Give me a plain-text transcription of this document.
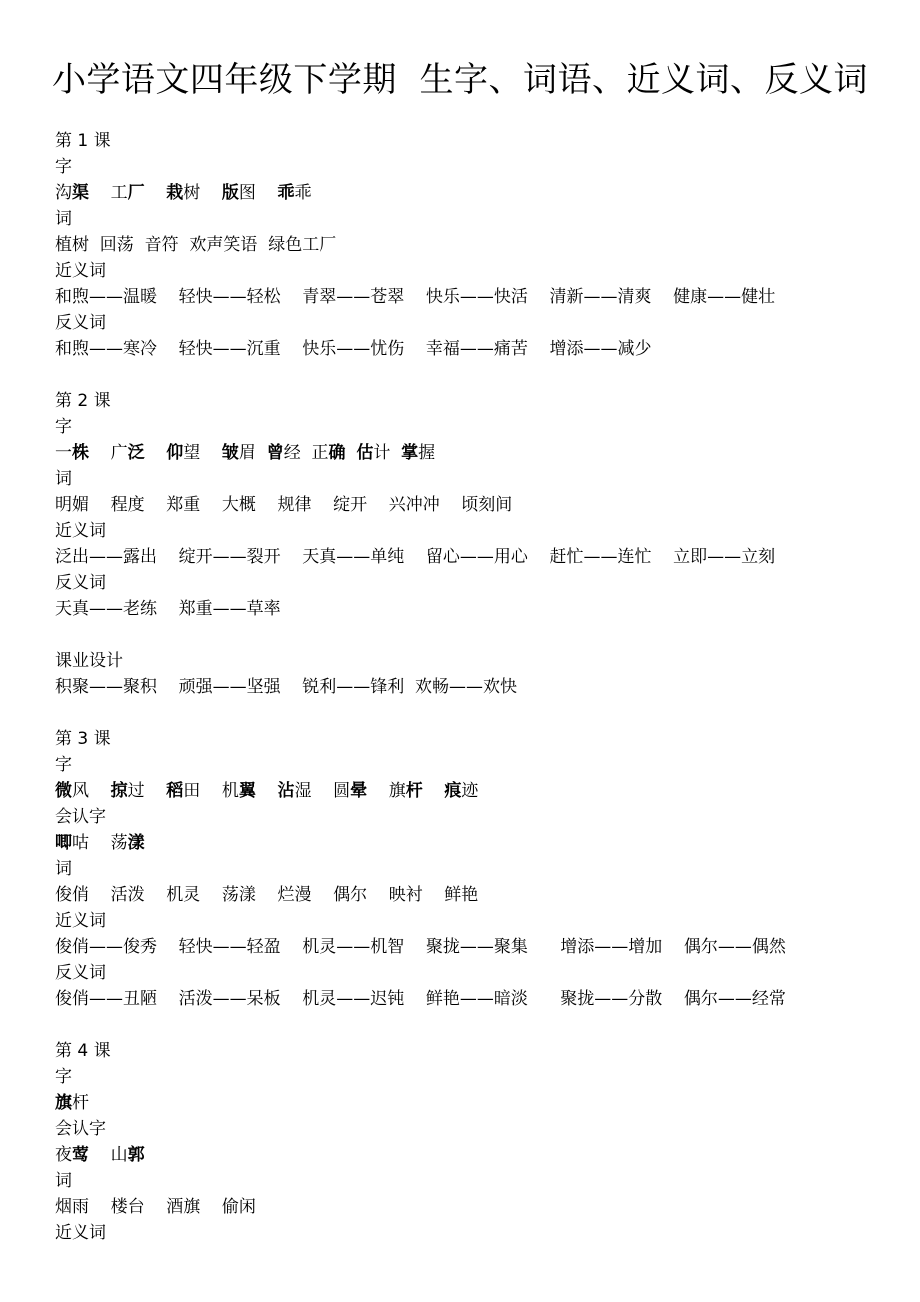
小学语文四年级下学期  生字、词语、近义词、反义词
第 1 课
字
沟渠    工厂 栽树    版图    乖乖
词
植树  回荡  音符  欢声笑语  绿色工厂
近义词
和煦——温暖    轻快——轻松    青翠——苍翠    快乐——快活    清新——清爽    健康——健壮
反义词
和煦——寒冷    轻快——沉重    快乐——忧伤    幸福——痛苦    增添——减少
第 2 课
字
一株    广泛 仰望    皱眉  曾经  正确 估计  掌握
词
明媚    程度    郑重    大概    规律    绽开    兴冲冲    顷刻间
近义词
泛出——露出    绽开——裂开    天真——单纯    留心——用心    赶忙——连忙    立即——立刻
反义词
天真——老练    郑重——草率
课业设计
积聚——聚积    顽强——坚强    锐利——锋利  欢畅——欢快
第 3 课
字
微风    掠过    稻田    机翼 沾湿    圆晕    旗杆 痕迹
会认字
唧咕    荡漾
词
俊俏    活泼    机灵    荡漾    烂漫    偶尔    映衬    鲜艳
近义词
俊俏——俊秀    轻快——轻盈    机灵——机智    聚拢——聚集      增添——增加    偶尔——偶然
反义词
俊俏——丑陋    活泼——呆板    机灵——迟钝    鲜艳——暗淡      聚拢——分散    偶尔——经常
第 4 课
字
旗杆
会认字
夜莺    山郭
词
烟雨    楼台    酒旗    偷闲
近义词
